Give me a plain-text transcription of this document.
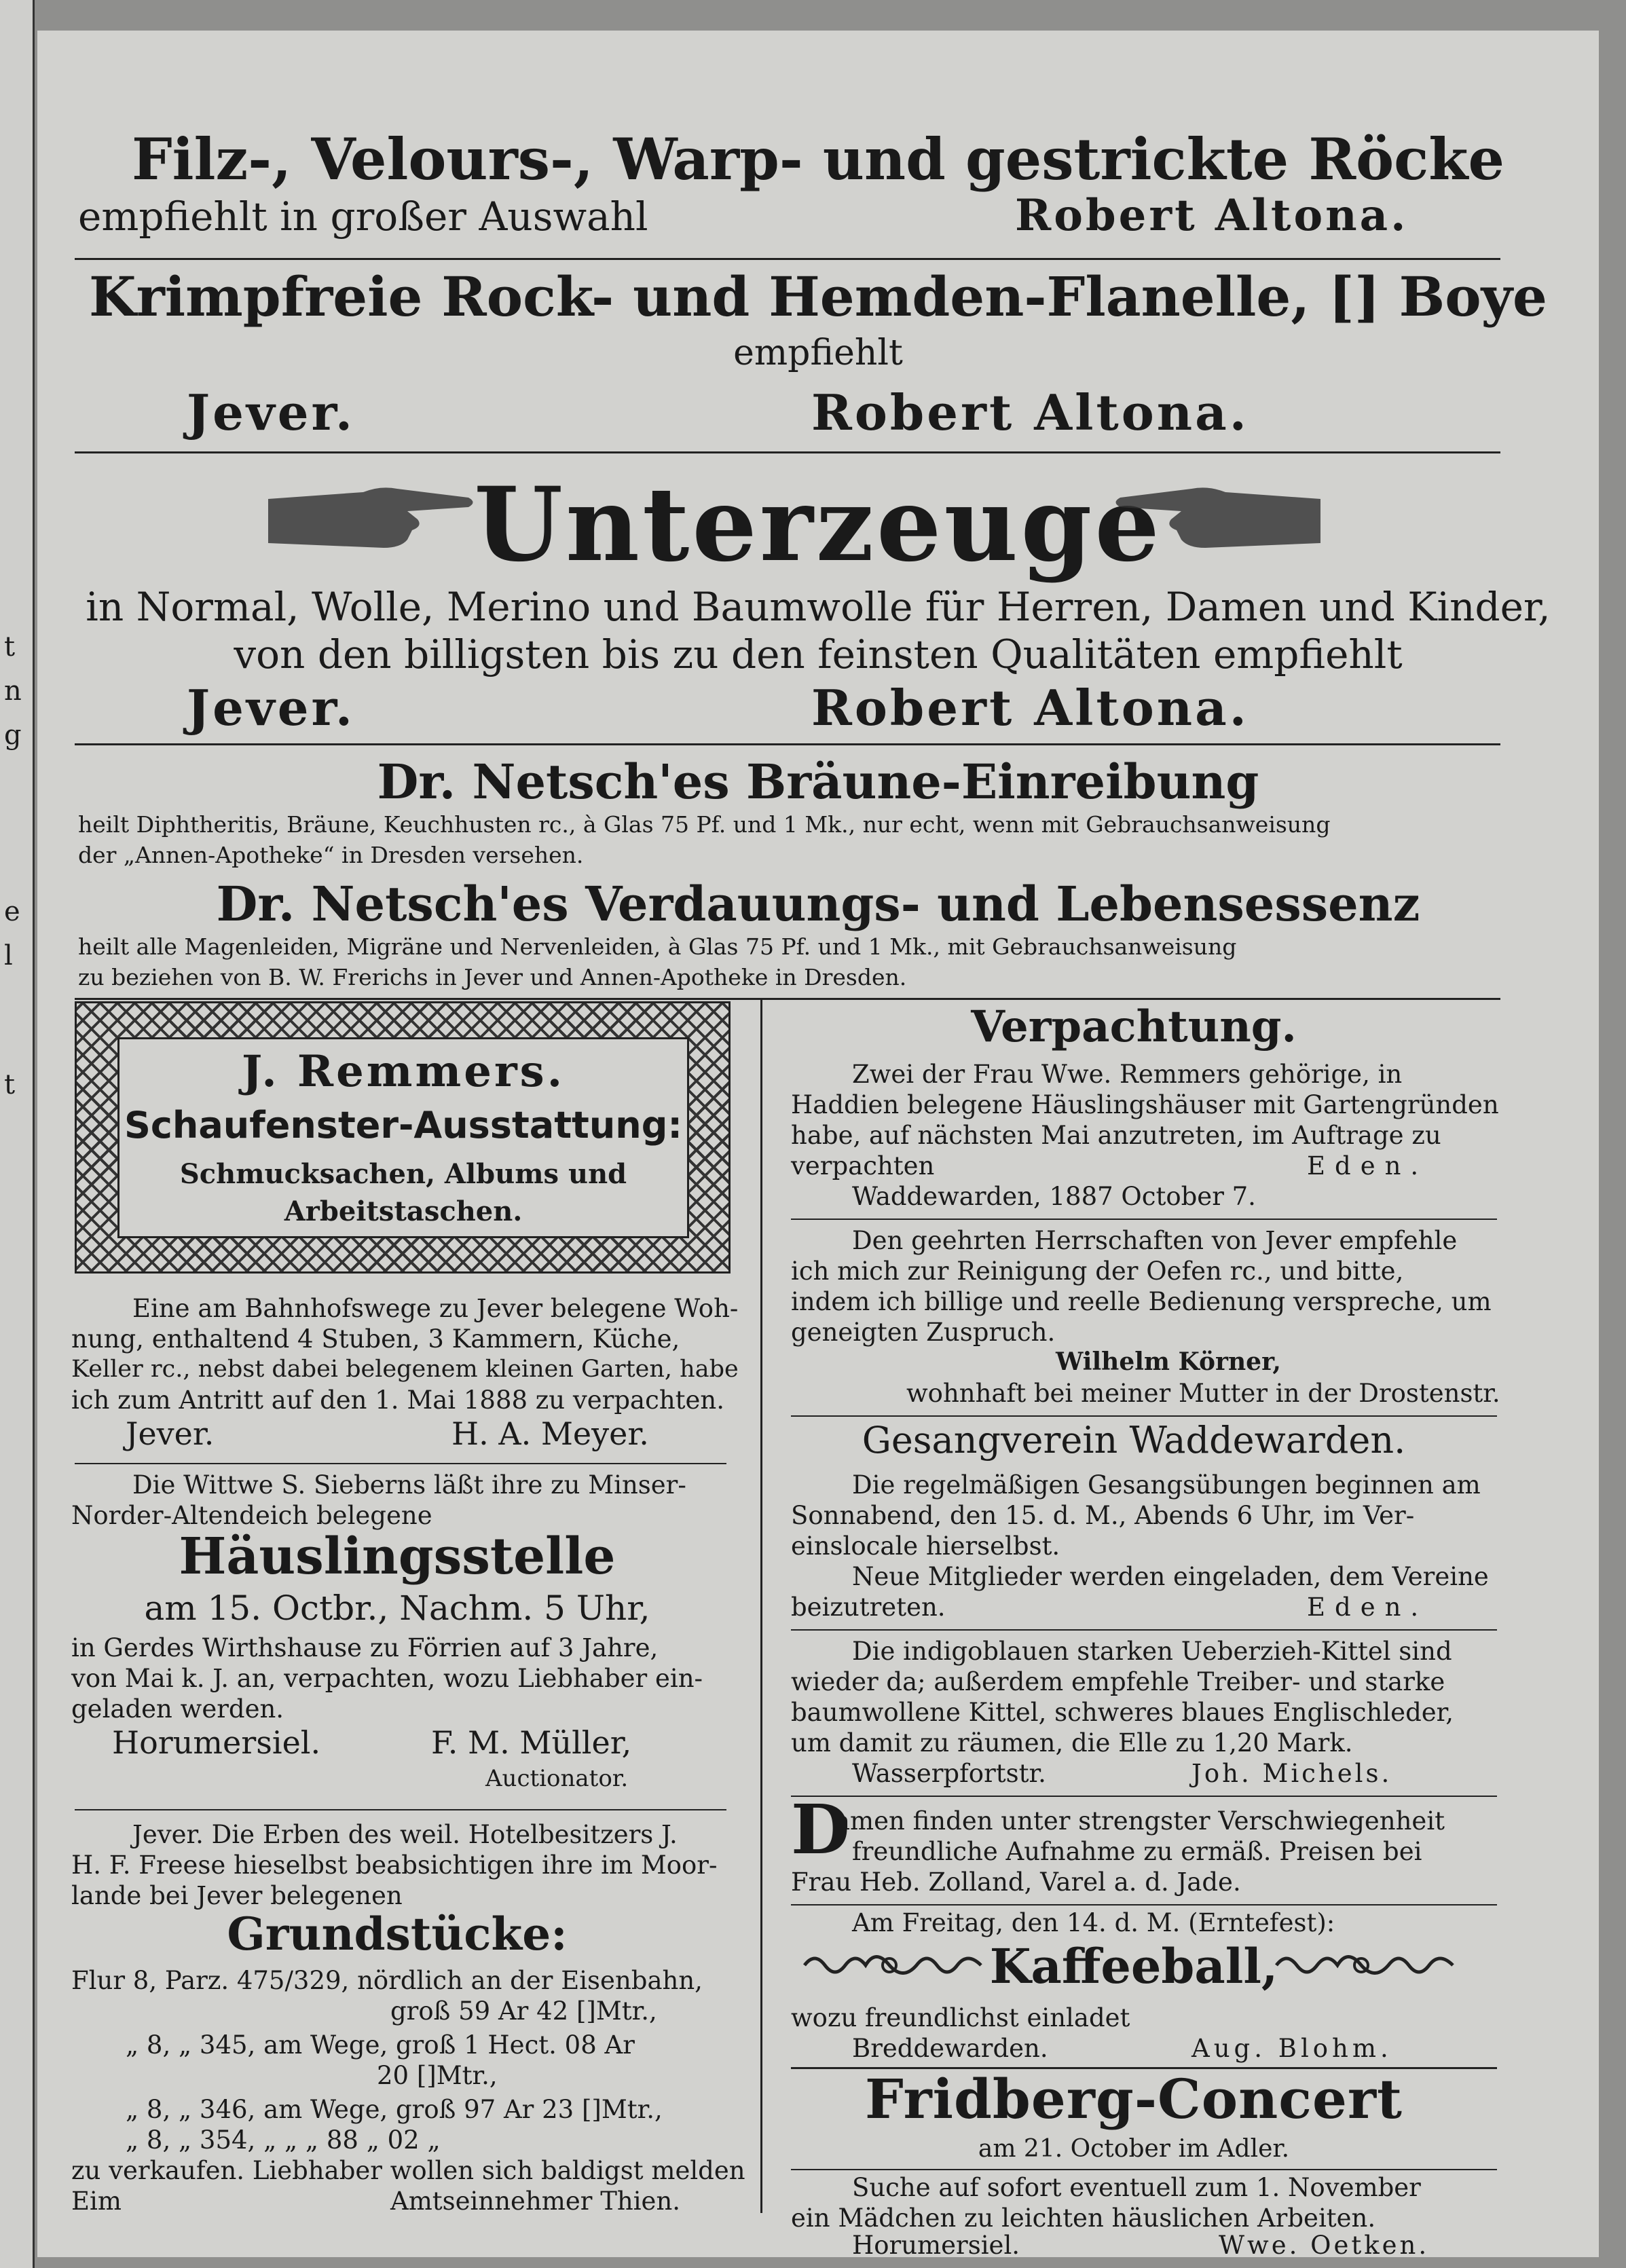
t
n
g
e
l
t
Filz-, Velours-, Warp- und gestrickte Röcke
empfiehlt in großer Auswahl	Robert Altona.
Krimpfreie Rock- und Hemden-Flanelle, [] Boye
empfiehlt
Jever.	Robert Altona.
Unterzeuge
in Normal, Wolle, Merino und Baumwolle für Herren, Damen und Kinder,
von den billigsten bis zu den feinsten Qualitäten empfiehlt
Jever.	Robert Altona.
Dr. Netsch'es Bräune-Einreibung
heilt Diphtheritis, Bräune, Keuchhusten rc., à Glas 75 Pf. und 1 Mk., nur echt, wenn mit Gebrauchsanweisung
der „Annen-Apotheke“ in Dresden versehen.
Dr. Netsch'es Verdauungs- und Lebensessenz
heilt alle Magenleiden, Migräne und Nervenleiden, à Glas 75 Pf. und 1 Mk., mit Gebrauchsanweisung
zu beziehen von B. W. Frerichs in Jever und Annen-Apotheke in Dresden.
J. Remmers.
Schaufenster-Ausstattung:
Schmucksachen, Albums und
Arbeitstaschen.
Eine am Bahnhofswege zu Jever belegene Woh-
nung, enthaltend 4 Stuben, 3 Kammern, Küche,
Keller rc., nebst dabei belegenem kleinen Garten, habe
ich zum Antritt auf den 1. Mai 1888 zu verpachten.
Jever.	H. A. Meyer.
Die Wittwe S. Sieberns läßt ihre zu Minser-
Norder-Altendeich belegene
Häuslingsstelle
am 15. Octbr., Nachm. 5 Uhr,
in Gerdes Wirthshause zu Förrien auf 3 Jahre,
von Mai k. J. an, verpachten, wozu Liebhaber ein-
geladen werden.
Horumersiel.	F. M. Müller,
Auctionator.
Jever. Die Erben des weil. Hotelbesitzers J.
H. F. Freese hieselbst beabsichtigen ihre im Moor-
lande bei Jever belegenen
Grundstücke:
Flur 8, Parz. 475/329, nördlich an der Eisenbahn,
groß 59 Ar 42 []Mtr.,
„ 8, „ 345, am Wege, groß 1 Hect. 08 Ar
20 []Mtr.,
„ 8, „ 346, am Wege, groß 97 Ar 23 []Mtr.,
„ 8, „ 354, „ „ „ 88 „ 02 „
zu verkaufen. Liebhaber wollen sich baldigst melden
Eim	Amtseinnehmer Thien.
Verpachtung.
Zwei der Frau Wwe. Remmers gehörige, in
Haddien belegene Häuslingshäuser mit Gartengründen
habe, auf nächsten Mai anzutreten, im Auftrage zu
verpachten	Eden.
Waddewarden, 1887 October 7.
Den geehrten Herrschaften von Jever empfehle
ich mich zur Reinigung der Oefen rc., und bitte,
indem ich billige und reelle Bedienung verspreche, um
geneigten Zuspruch.
Wilhelm Körner,
wohnhaft bei meiner Mutter in der Drostenstr.
Gesangverein Waddewarden.
Die regelmäßigen Gesangsübungen beginnen am
Sonnabend, den 15. d. M., Abends 6 Uhr, im Ver-
einslocale hierselbst.
Neue Mitglieder werden eingeladen, dem Vereine
beizutreten.	Eden.
Die indigoblauen starken Ueberzieh-Kittel sind
wieder da; außerdem empfehle Treiber- und starke
baumwollene Kittel, schweres blaues Englischleder,
um damit zu räumen, die Elle zu 1,20 Mark.
Wasserpfortstr.	Joh. Michels.
D
amen finden unter strengster Verschwiegenheit
freundliche Aufnahme zu ermäß. Preisen bei
Frau Heb. Zolland, Varel a. d. Jade.
Am Freitag, den 14. d. M. (Erntefest):
Kaffeeball,
wozu freundlichst einladet
Breddewarden.	Aug. Blohm.
Fridberg-Concert
am 21. October im Adler.
Suche auf sofort eventuell zum 1. November
ein Mädchen zu leichten häuslichen Arbeiten.
Horumersiel.	Wwe. Oetken.
